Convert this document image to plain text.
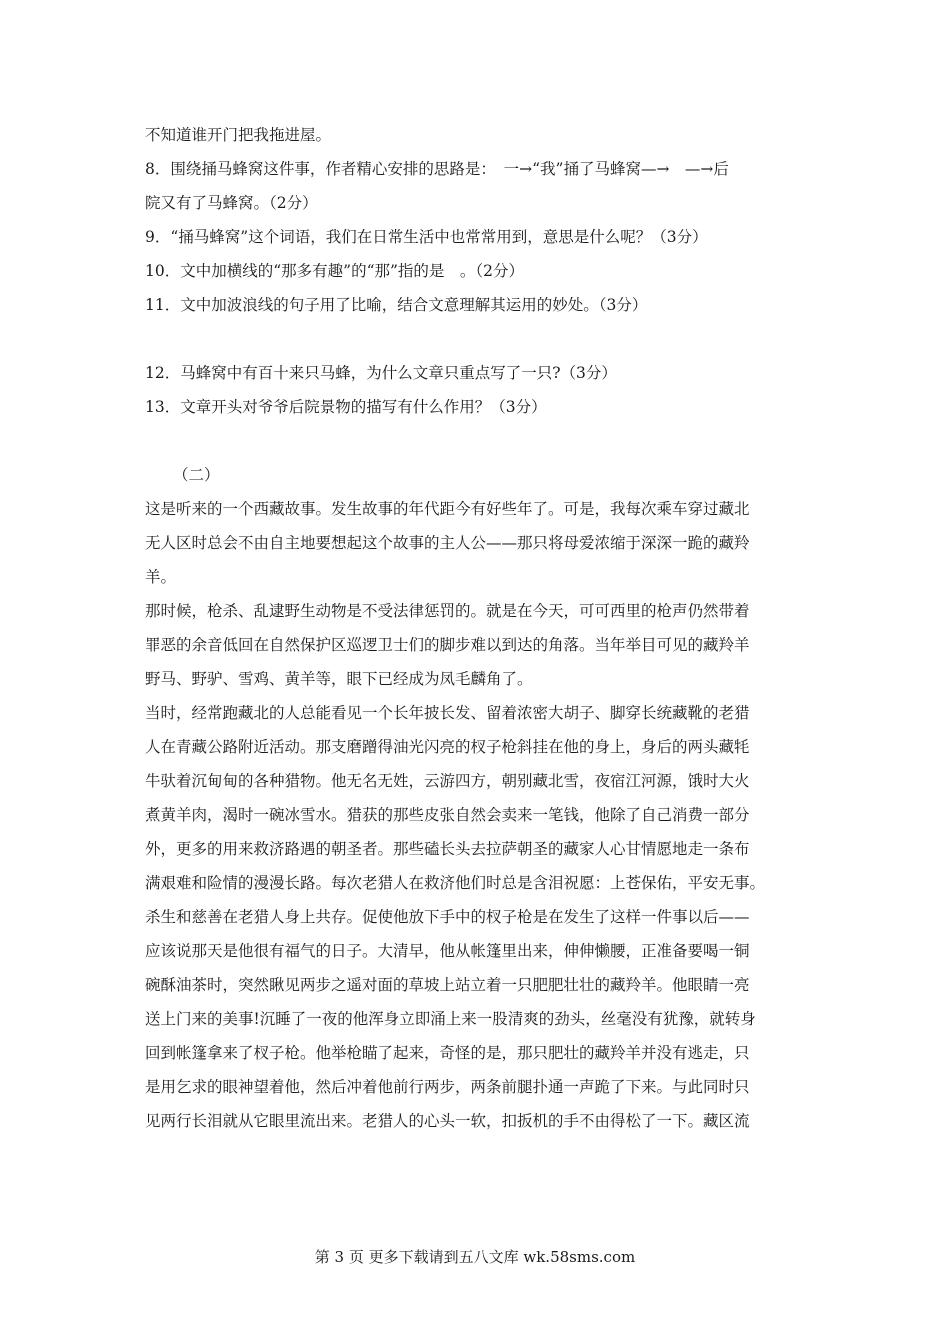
不知道谁开门把我拖进屋。
8．围绕捅马蜂窝这件事，作者精心安排的思路是：　一→“我”捅了马蜂窝—→　—→后
院又有了马蜂窝。（2分）
9．“捅马蜂窝”这个词语，我们在日常生活中也常常用到，意思是什么呢？（3分）
10．文中加横线的“那多有趣”的“那”指的是　。（2分）
11．文中加波浪线的句子用了比喻，结合文意理解其运用的妙处。（3分）
12．马蜂窝中有百十来只马蜂，为什么文章只重点写了一只?（3分）
13．文章开头对爷爷后院景物的描写有什么作用？（3分）
（二）
这是听来的一个西藏故事。发生故事的年代距今有好些年了。可是，我每次乘车穿过藏北
无人区时总会不由自主地要想起这个故事的主人公——那只将母爱浓缩于深深一跪的藏羚
羊。
那时候，枪杀、乱逮野生动物是不受法律惩罚的。就是在今天，可可西里的枪声仍然带着
罪恶的余音低回在自然保护区巡逻卫士们的脚步难以到达的角落。当年举目可见的藏羚羊
野马、野驴、雪鸡、黄羊等，眼下已经成为凤毛麟角了。
当时，经常跑藏北的人总能看见一个长年披长发、留着浓密大胡子、脚穿长统藏靴的老猎
人在青藏公路附近活动。那支磨蹭得油光闪亮的杈子枪斜挂在他的身上，身后的两头藏牦
牛驮着沉甸甸的各种猎物。他无名无姓，云游四方，朝别藏北雪，夜宿江河源，饿时大火
煮黄羊肉，渴时一碗冰雪水。猎获的那些皮张自然会卖来一笔钱，他除了自己消费一部分
外，更多的用来救济路遇的朝圣者。那些磕长头去拉萨朝圣的藏家人心甘情愿地走一条布
满艰难和险情的漫漫长路。每次老猎人在救济他们时总是含泪祝愿：上苍保佑，平安无事。
杀生和慈善在老猎人身上共存。促使他放下手中的杈子枪是在发生了这样一件事以后——
应该说那天是他很有福气的日子。大清早，他从帐篷里出来，伸伸懒腰，正准备要喝一铜
碗酥油茶时，突然瞅见两步之遥对面的草坡上站立着一只肥肥壮壮的藏羚羊。他眼睛一亮
送上门来的美事!沉睡了一夜的他浑身立即涌上来一股清爽的劲头，丝毫没有犹豫，就转身
回到帐篷拿来了杈子枪。他举枪瞄了起来，奇怪的是，那只肥壮的藏羚羊并没有逃走，只
是用乞求的眼神望着他，然后冲着他前行两步，两条前腿扑通一声跪了下来。与此同时只
见两行长泪就从它眼里流出来。老猎人的心头一软，扣扳机的手不由得松了一下。藏区流
第 3 页 更多下载请到五八文库 wk.58sms.com
